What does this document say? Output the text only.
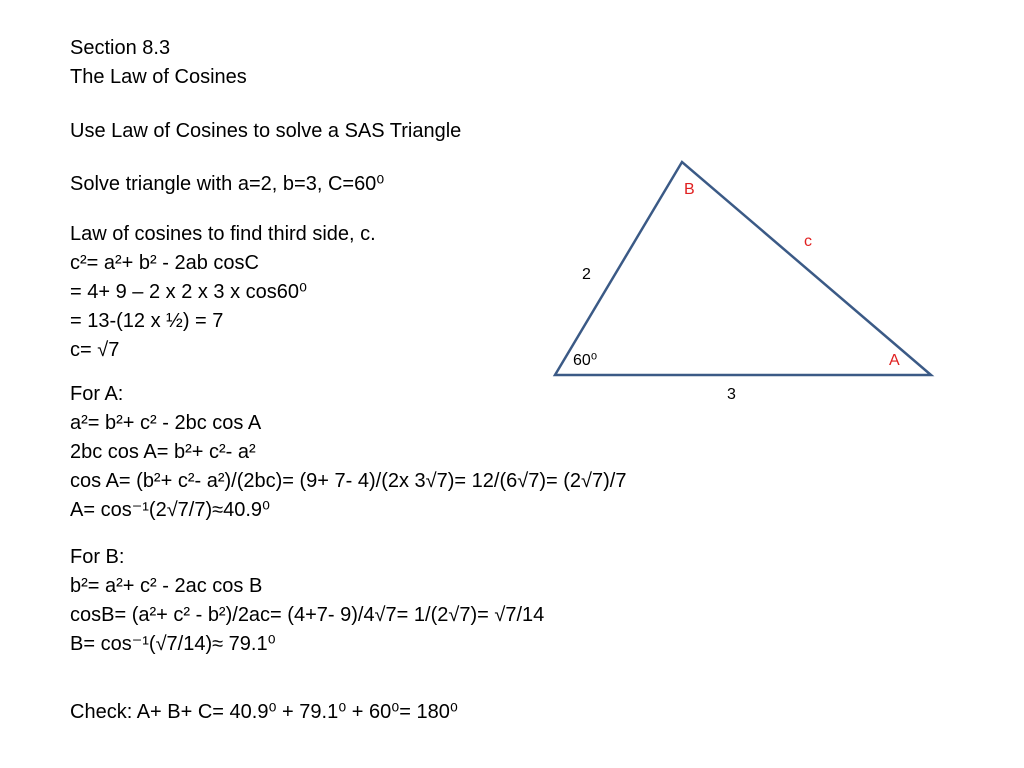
Section 8.3
The Law of Cosines
Use Law of Cosines to solve a SAS Triangle
Solve triangle with a=2, b=3, C=60⁰
Law of cosines to find third side, c.
c²= a²+ b² - 2ab cosC
= 4+ 9 – 2 x 2 x 3 x cos60⁰
= 13-(12 x ½) = 7
c= √7
For A:
a²= b²+ c² - 2bc cos A
2bc cos A= b²+ c²- a²
cos A= (b²+ c²- a²)/(2bc)= (9+ 7- 4)/(2x 3√7)= 12/(6√7)= (2√7)/7
A= cos⁻¹(2√7/7)≈40.9⁰
For B:
b²= a²+ c² - 2ac cos B
cosB= (a²+ c² - b²)/2ac= (4+7- 9)/4√7= 1/(2√7)= √7/14
B= cos⁻¹(√7/14)≈ 79.1⁰
Check: A+ B+ C= 40.9⁰ + 79.1⁰ + 60⁰= 180⁰
B
c
2
60⁰	A
3
